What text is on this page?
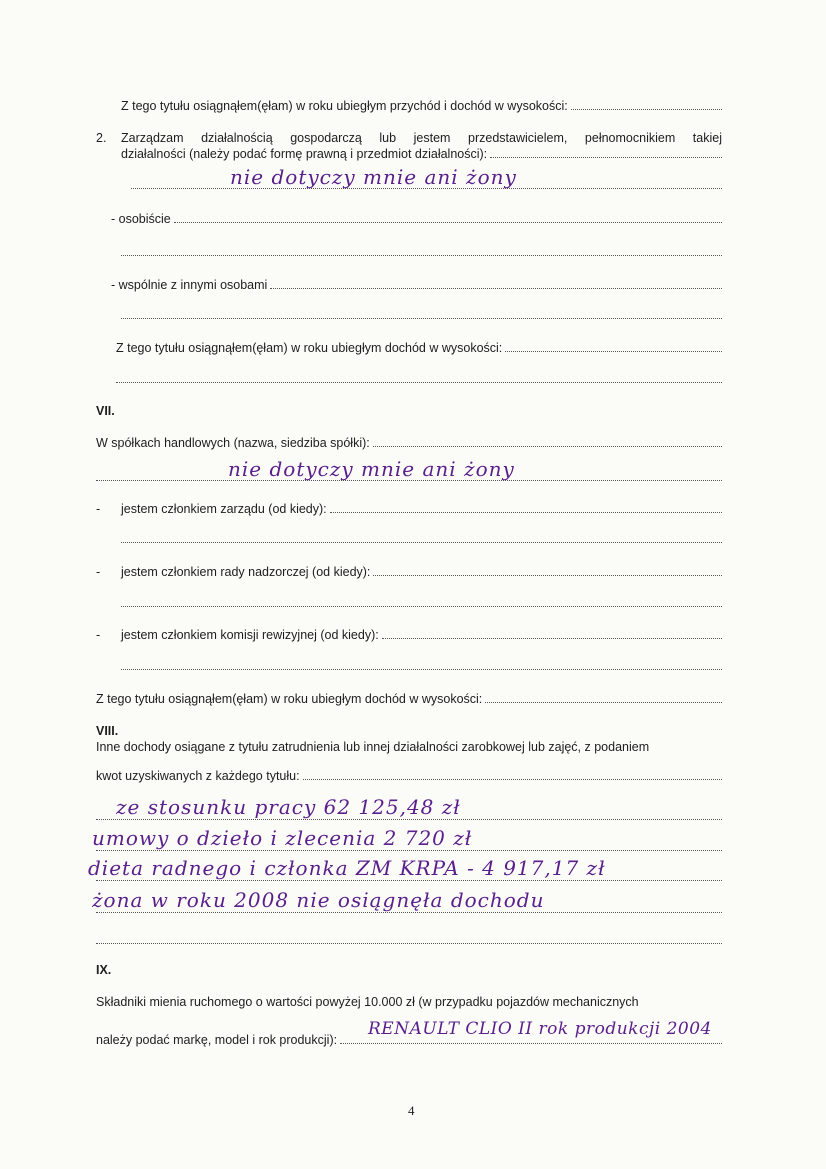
Z tego tytułu osiągnąłem(ęłam) w roku ubiegłym przychód i dochód w wysokości:
2. Zarządzam działalnością gospodarczą lub jestem przedstawicielem, pełnomocnikiem takiej
działalności (należy podać formę prawną i przedmiot działalności):
nie dotyczy mnie ani żony
- osobiście
- wspólnie z innymi osobami
Z tego tytułu osiągnąłem(ęłam) w roku ubiegłym dochód w wysokości:
VII.
W spółkach handlowych (nazwa, siedziba spółki):
nie dotyczy mnie ani żony
- jestem członkiem zarządu (od kiedy):
- jestem członkiem rady nadzorczej (od kiedy):
- jestem członkiem komisji rewizyjnej (od kiedy):
Z tego tytułu osiągnąłem(ęłam) w roku ubiegłym dochód w wysokości:
VIII.
Inne dochody osiągane z tytułu zatrudnienia lub innej działalności zarobkowej lub zajęć, z podaniem
kwot uzyskiwanych z każdego tytułu:
ze stosunku pracy 62 125,48 zł
umowy o dzieło i zlecenia 2 720 zł
dieta radnego i członka ZM KRPA - 4 917,17 zł
żona w roku 2008 nie osiągnęła dochodu
IX.
Składniki mienia ruchomego o wartości powyżej 10.000 zł (w przypadku pojazdów mechanicznych
należy podać markę, model i rok produkcji):
RENAULT CLIO II rok produkcji 2004
4
